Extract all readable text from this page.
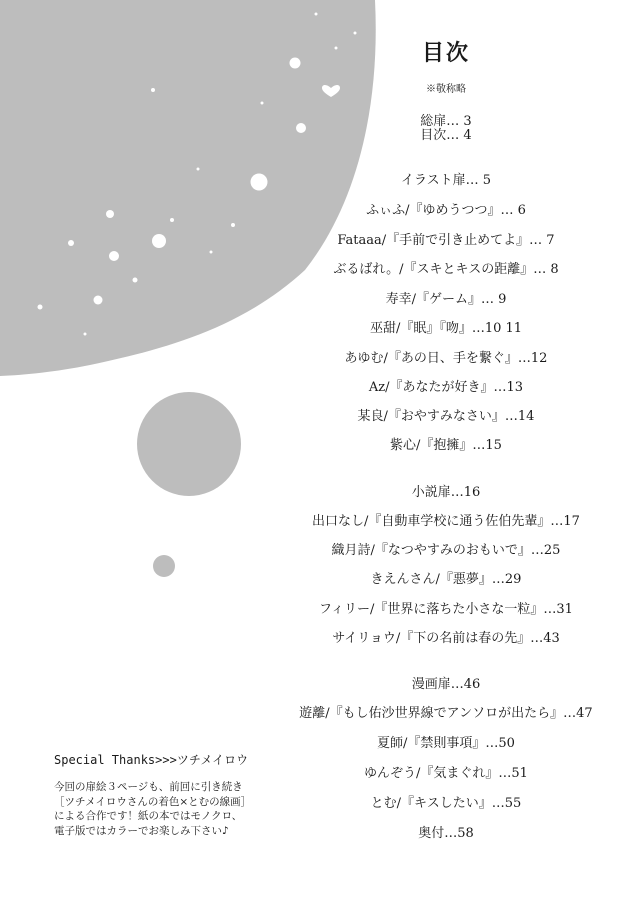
目次
※敬称略
総扉… 3
目次… 4
イラスト扉… 5
ふぃふ/『ゆめうつつ』… 6
Fataaa/『手前で引き止めてよ』… 7
ぶるばれ。/『スキとキスの距離』… 8
寿幸/『ゲーム』… 9
巫甜/『眠』『吻』…10 11
あゆむ/『あの日、手を繋ぐ』…12
Az/『あなたが好き』…13
某良/『おやすみなさい』…14
紫心/『抱擁』…15
小説扉…16
出口なし/『自動車学校に通う佐伯先輩』…17
織月詩/『なつやすみのおもいで』…25
きえんさん/『悪夢』…29
フィリー/『世界に落ちた小さな一粒』…31
サイリョウ/『下の名前は春の先』…43
漫画扉…46
遊離/『もし佑沙世界線でアンソロが出たら』…47
夏師/『禁則事項』…50
ゆんぞう/『気まぐれ』…51
とむ/『キスしたい』…55
奥付…58
Special Thanks>>>ツチメイロウ
今回の扉絵３ページも、前回に引き続き
［ツチメイロウさんの着色×とむの線画］
による合作です！紙の本ではモノクロ、
電子版ではカラーでお楽しみ下さい♪
